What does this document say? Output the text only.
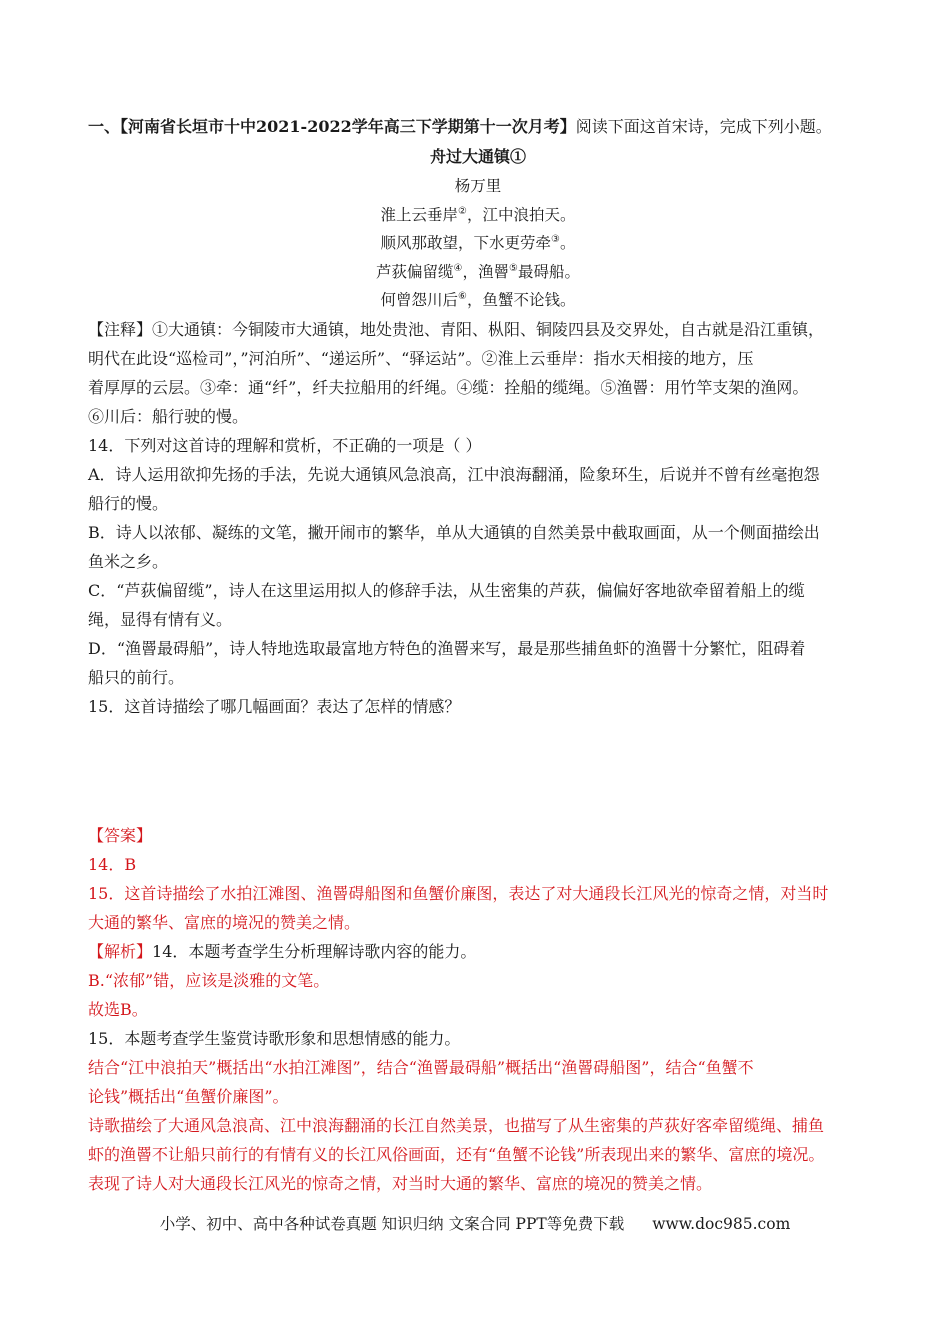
一、【河南省长垣市十中2021-2022学年高三下学期第十一次月考】阅读下面这首宋诗，完成下列小题。
舟过大通镇①
杨万里
淮上云垂岸②，江中浪拍天。
顺风那敢望，下水更劳牵③。
芦荻偏留缆④，渔罾⑤最碍船。
何曾怨川后⑥，鱼蟹不论钱。
【注释】①大通镇：今铜陵市大通镇，地处贵池、青阳、枞阳、铜陵四县及交界处，自古就是沿江重镇，
明代在此设“巡检司”，”河泊所”、“递运所”、“驿运站”。②淮上云垂岸：指水天相接的地方，压
着厚厚的云层。③牵：通“纤”，纤夫拉船用的纤绳。④缆：拴船的缆绳。⑤渔罾：用竹竿支架的渔网。
⑥川后：船行驶的慢。
14．下列对这首诗的理解和赏析，不正确的一项是（ ）
A．诗人运用欲抑先扬的手法，先说大通镇风急浪高，江中浪海翻涌，险象环生，后说并不曾有丝毫抱怨
船行的慢。
B．诗人以浓郁、凝练的文笔，撇开闹市的繁华，单从大通镇的自然美景中截取画面，从一个侧面描绘出
鱼米之乡。
C．“芦荻偏留缆”，诗人在这里运用拟人的修辞手法，从生密集的芦荻，偏偏好客地欲牵留着船上的缆
绳，显得有情有义。
D．“渔罾最碍船”，诗人特地选取最富地方特色的渔罾来写，最是那些捕鱼虾的渔罾十分繁忙，阻碍着
船只的前行。
15．这首诗描绘了哪几幅画面？表达了怎样的情感？
【答案】
14．B
15．这首诗描绘了水拍江滩图、渔罾碍船图和鱼蟹价廉图，表达了对大通段长江风光的惊奇之情，对当时
大通的繁华、富庶的境况的赞美之情。
【解析】14．本题考查学生分析理解诗歌内容的能力。
B.“浓郁”错，应该是淡雅的文笔。
故选B。
15．本题考查学生鉴赏诗歌形象和思想情感的能力。
结合“江中浪拍天”概括出“水拍江滩图”，结合“渔罾最碍船”概括出“渔罾碍船图”，结合“鱼蟹不
论钱”概括出“鱼蟹价廉图”。
诗歌描绘了大通风急浪高、江中浪海翻涌的长江自然美景，也描写了从生密集的芦荻好客牵留缆绳、捕鱼
虾的渔罾不让船只前行的有情有义的长江风俗画面，还有“鱼蟹不论钱”所表现出来的繁华、富庶的境况。
表现了诗人对大通段长江风光的惊奇之情，对当时大通的繁华、富庶的境况的赞美之情。
小学、初中、高中各种试卷真题 知识归纳 文案合同 PPT等免费下载 www.doc985.com
